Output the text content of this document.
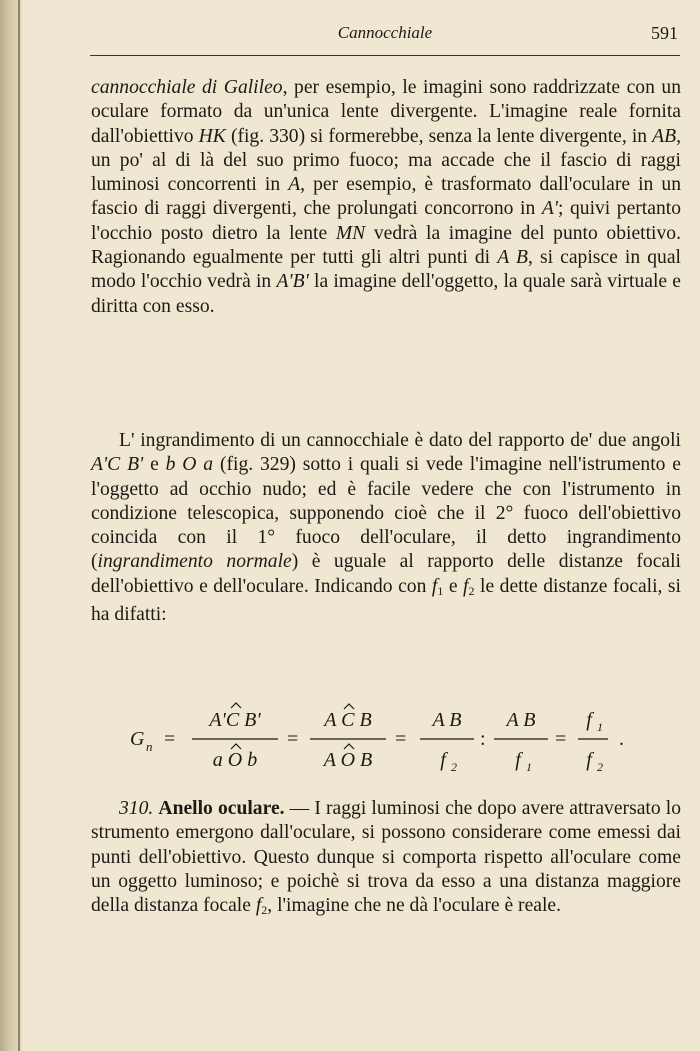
Cannocchiale	591

cannocchiale di Galileo, per esempio, le imagini sono raddrizzate con un oculare formato da un'unica lente divergente. L'imagine reale fornita dall'obiettivo HK (fig. 330) si formerebbe, senza la lente divergente, in AB, un po' al di là del suo primo fuoco; ma accade che il fascio di raggi luminosi concorrenti in A, per esempio, è trasformato dall'oculare in un fascio di raggi divergenti, che prolungati concorrono in A'; quivi pertanto l'occhio posto dietro la lente MN vedrà la imagine del punto obiettivo. Ragionando egualmente per tutti gli altri punti di A B, si capisce in qual modo l'occhio vedrà in A'B' la imagine dell'oggetto, la quale sarà virtuale e diritta con esso.

L' ingrandimento di un cannocchiale è dato del rapporto de' due angoli A'C B' e b O a (fig. 329) sotto i quali si vede l'imagine nell'istrumento e l'oggetto ad occhio nudo; ed è facile vedere che con l'istrumento in condizione telescopica, supponendo cioè che il 2° fuoco dell'obiettivo coincida con il 1° fuoco dell'oculare, il detto ingrandimento (ingrandimento normale) è uguale al rapporto delle distanze focali dell'obiettivo e dell'oculare. Indicando con $f_1$ e $f_2$ le dette distanze focali, si ha difatti:

G n =
A'C B'
a O b
=
A C B
A O B
=
A B
f 2
:
A B
f 1
=
f 1
f 2
.

310. Anello oculare. — I raggi luminosi che dopo avere attraversato lo strumento emergono dall'oculare, si possono considerare come emessi dai punti dell'obiettivo. Questo dunque si comporta rispetto all'oculare come un oggetto luminoso; e poichè si trova da esso a una distanza maggiore della distanza focale $f_2$, l'imagine che ne dà l'oculare è reale.
